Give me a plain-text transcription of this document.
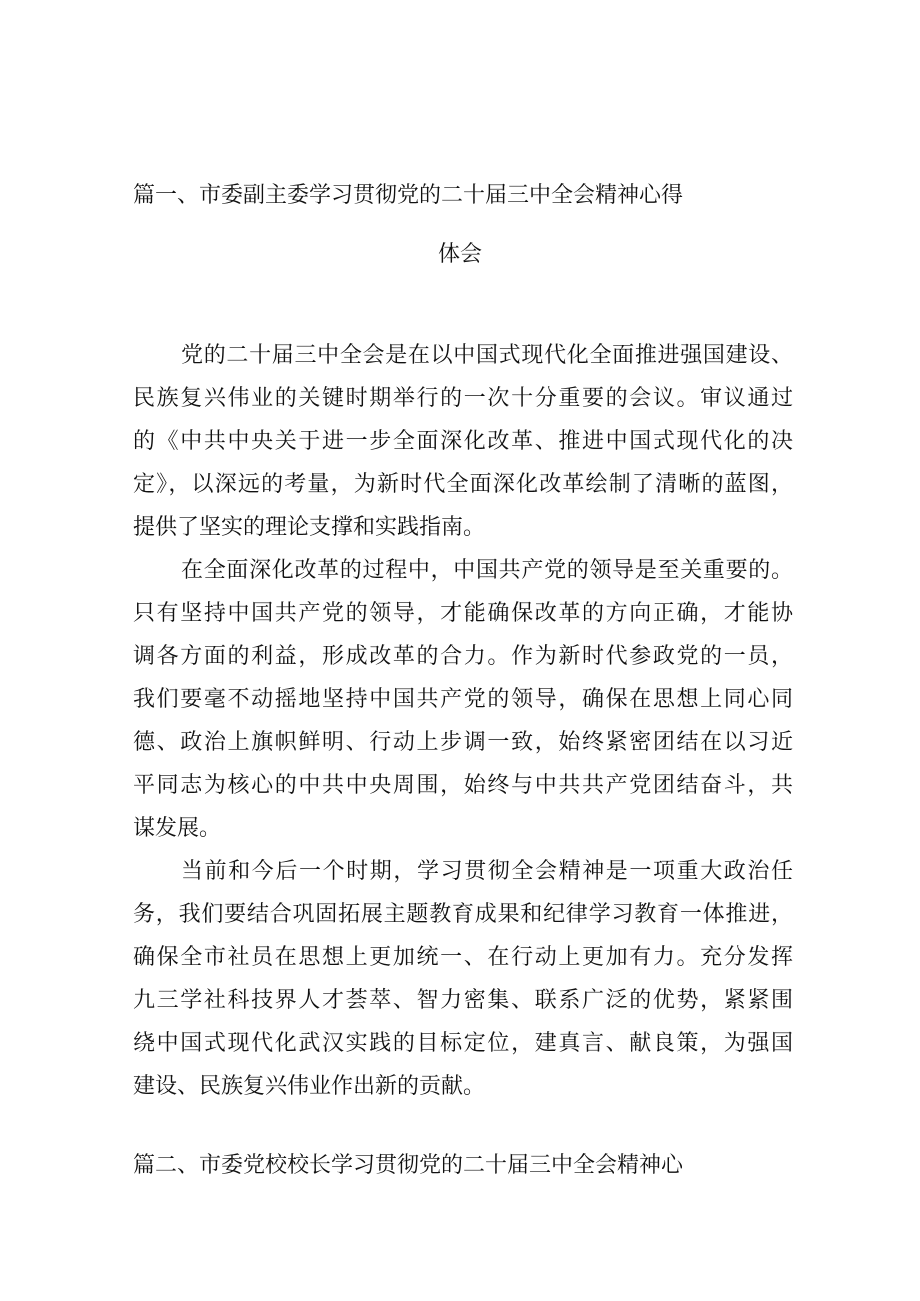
篇一、市委副主委学习贯彻党的二十届三中全会精神心得
体会
党的二十届三中全会是在以中国式现代化全面推进强国建设、
民族复兴伟业的关键时期举行的一次十分重要的会议。审议通过
的《中共中央关于进一步全面深化改革、推进中国式现代化的决
定》，以深远的考量，为新时代全面深化改革绘制了清晰的蓝图，
提供了坚实的理论支撑和实践指南。
在全面深化改革的过程中，中国共产党的领导是至关重要的。
只有坚持中国共产党的领导，才能确保改革的方向正确，才能协
调各方面的利益，形成改革的合力。作为新时代参政党的一员，
我们要毫不动摇地坚持中国共产党的领导，确保在思想上同心同
德、政治上旗帜鲜明、行动上步调一致，始终紧密团结在以习近
平同志为核心的中共中央周围，始终与中共共产党团结奋斗，共
谋发展。
当前和今后一个时期，学习贯彻全会精神是一项重大政治任
务，我们要结合巩固拓展主题教育成果和纪律学习教育一体推进，
确保全市社员在思想上更加统一、在行动上更加有力。充分发挥
九三学社科技界人才荟萃、智力密集、联系广泛的优势，紧紧围
绕中国式现代化武汉实践的目标定位，建真言、献良策，为强国
建设、民族复兴伟业作出新的贡献。
篇二、市委党校校长学习贯彻党的二十届三中全会精神心
